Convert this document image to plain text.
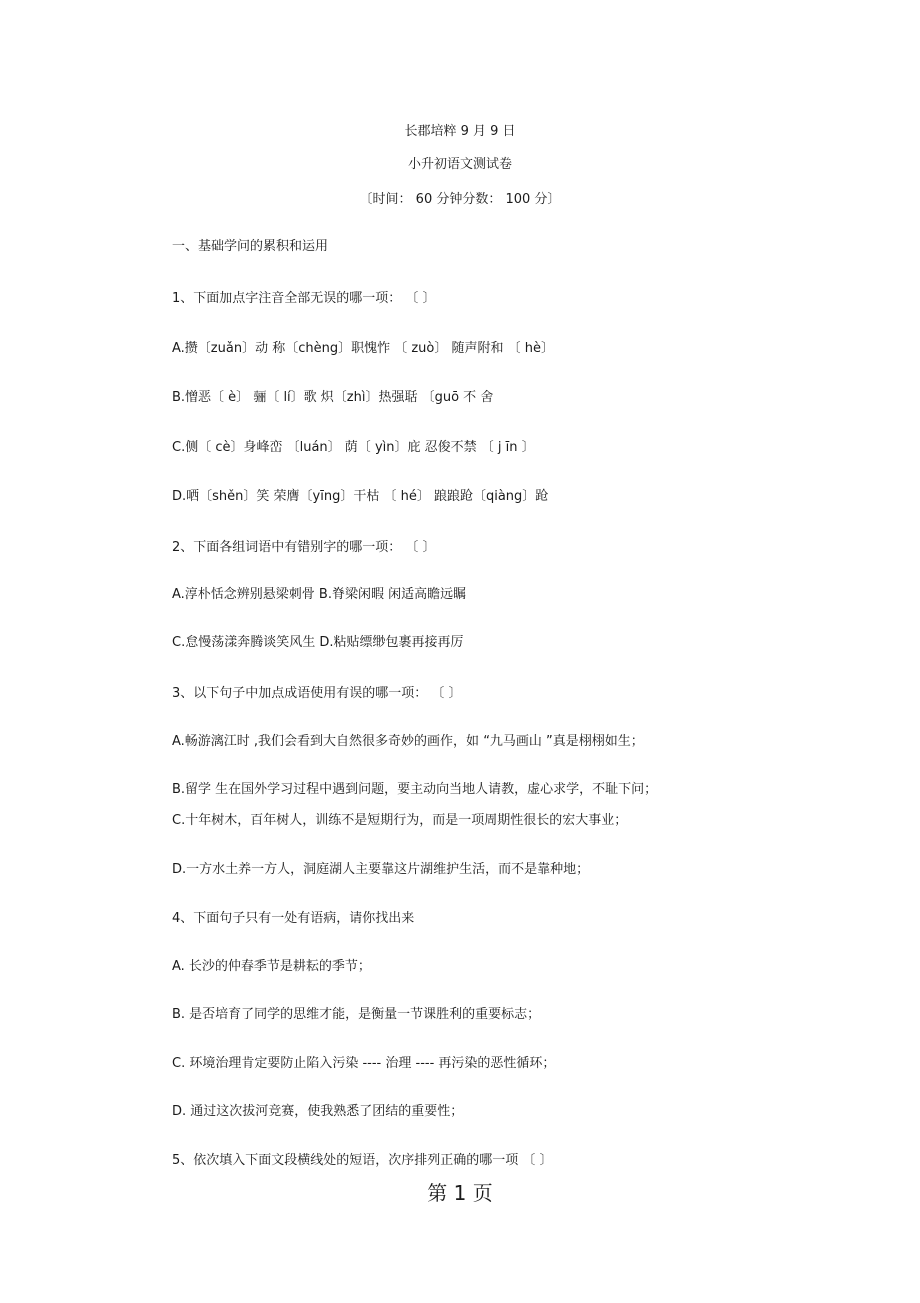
长郡培粹 9 月 9 日
小升初语文测试卷
〔时间： 60 分钟分数： 100 分〕
一、基础学问的累积和运用
1、下面加点字注音全部无误的哪一项： 〔 〕
A.攒〔zuǎn〕动 称〔chèng〕职愧怍 〔 zuò〕 随声附和 〔 hè〕
B.憎恶〔 è〕 骊〔 lí〕歌 炽〔zhì〕热强聒 〔guō 不 舍
C.侧〔 cè〕身峰峦 〔luán〕 荫〔 yìn〕庇 忍俊不禁 〔 j īn 〕
D.哂〔shěn〕笑 荣膺〔yīng〕干枯 〔 hé〕 踉踉跄〔qiàng〕跄
2、下面各组词语中有错别字的哪一项： 〔 〕
A.淳朴恬念辨别悬梁刺骨 B.脊梁闲暇 闲适高瞻远瞩
C.怠慢荡漾奔腾谈笑风生 D.粘贴缥缈包裹再接再厉
3、以下句子中加点成语使用有误的哪一项： 〔 〕
A.畅游漓江时 ,我们会看到大自然很多奇妙的画作，如 “九马画山 ”真是栩栩如生；
B.留学 生在国外学习过程中遇到问题，要主动向当地人请教，虚心求学，不耻下问；
C.十年树木，百年树人，训练不是短期行为，而是一项周期性很长的宏大事业；
D.一方水土养一方人，洞庭湖人主要靠这片湖维护生活，而不是靠种地；
4、下面句子只有一处有语病，请你找出来
A. 长沙的仲春季节是耕耘的季节；
B. 是否培育了同学的思维才能，是衡量一节课胜利的重要标志；
C. 环境治理肯定要防止陷入污染 ---- 治理 ---- 再污染的恶性循环；
D. 通过这次拔河竞赛，使我熟悉了团结的重要性；
5、依次填入下面文段横线处的短语，次序排列正确的哪一项 〔 〕
第 1 页
